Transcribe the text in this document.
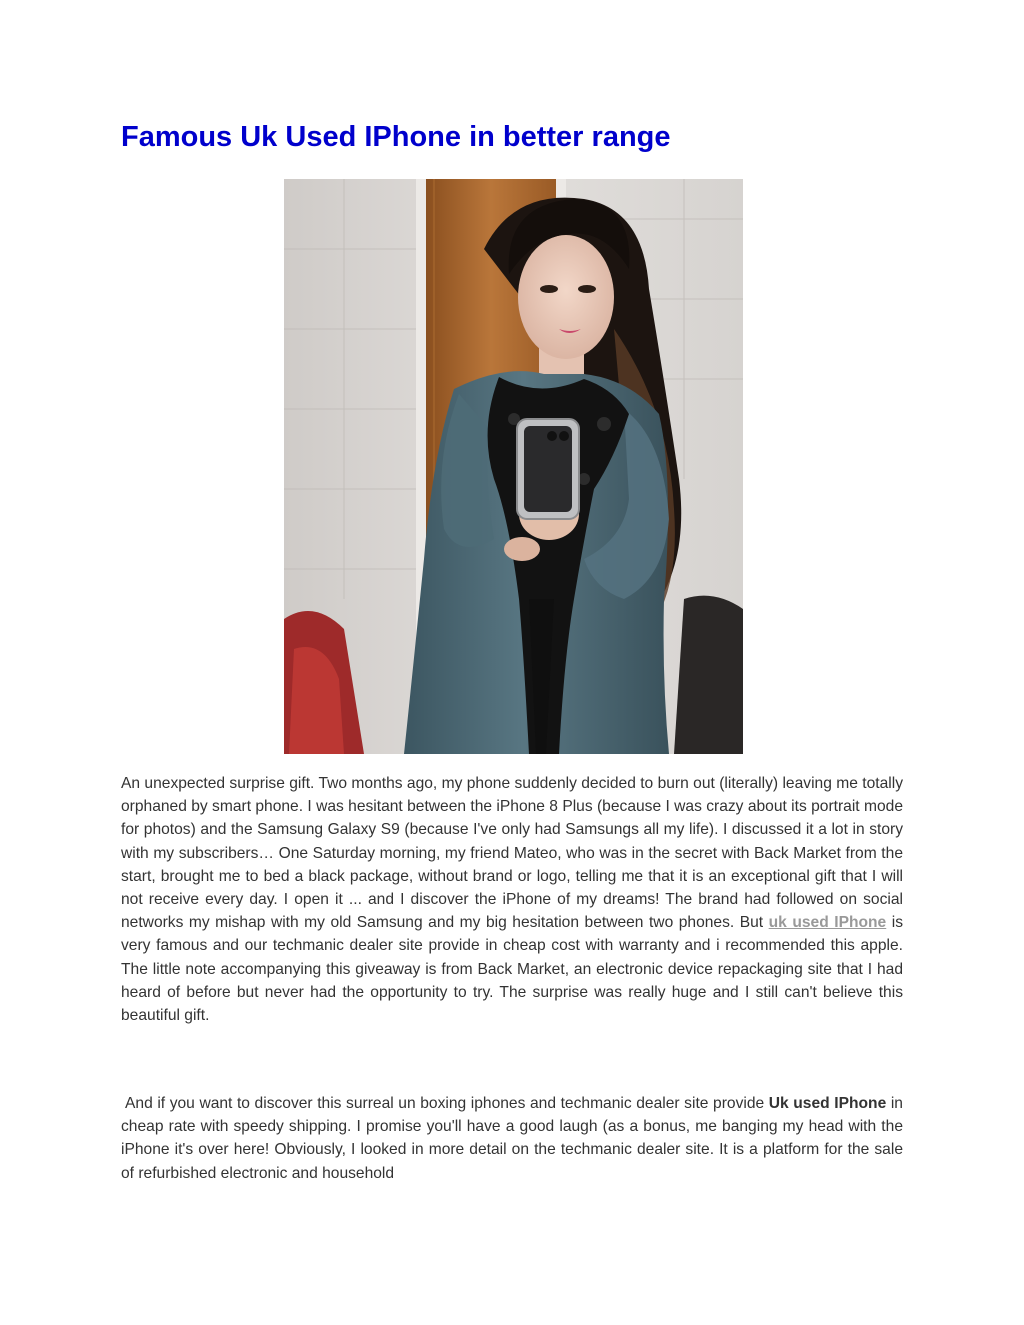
Famous Uk Used IPhone in better range

An unexpected surprise gift. Two months ago, my phone suddenly decided to burn out (literally) leaving me totally orphaned by smart phone. I was hesitant between the iPhone 8 Plus (because I was crazy about its portrait mode for photos) and the Samsung Galaxy S9 (because I've only had Samsungs all my life). I discussed it a lot in story with my subscribers… One Saturday morning, my friend Mateo, who was in the secret with Back Market from the start, brought me to bed a black package, without brand or logo, telling me that it is an exceptional gift that I will not receive every day. I open it ... and I discover the iPhone of my dreams! The brand had followed on social networks my mishap with my old Samsung and my big hesitation between two phones. But uk used IPhone is very famous and our techmanic dealer site provide in cheap cost with warranty and i recommended this apple. The little note accompanying this giveaway is from Back Market, an electronic device repackaging site that I had heard of before but never had the opportunity to try. The surprise was really huge and I still can't believe this beautiful gift.

And if you want to discover this surreal un boxing iphones and techmanic dealer site provide Uk used IPhone in cheap rate with speedy shipping. I promise you'll have a good laugh (as a bonus, me banging my head with the iPhone it's over here! Obviously, I looked in more detail on the techmanic dealer site. It is a platform for the sale of refurbished electronic and household
